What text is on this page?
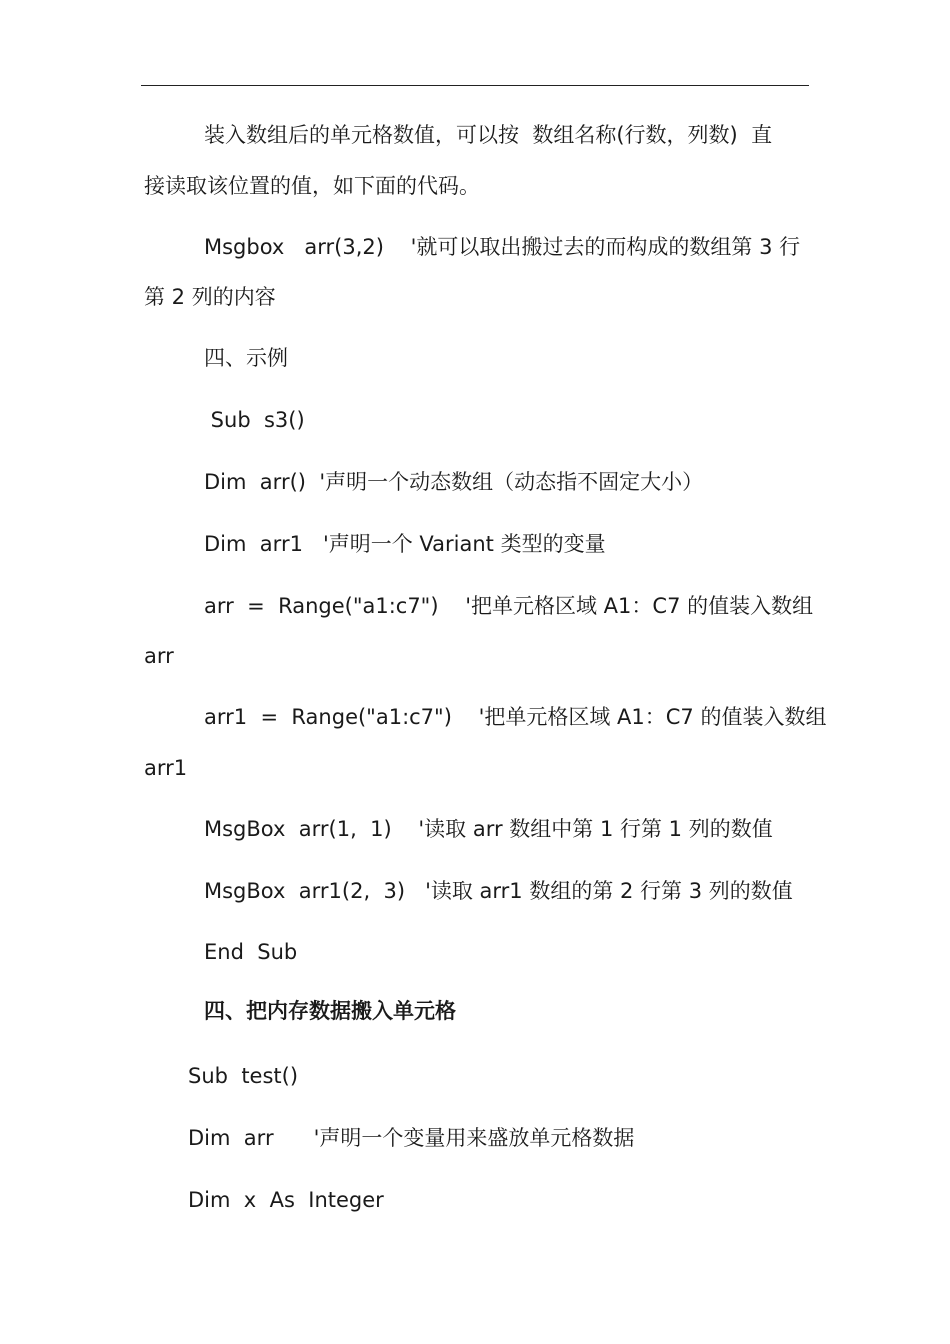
装入数组后的单元格数值，可以按  数组名称(行数，列数)  直
接读取该位置的值，如下面的代码。
Msgbox   arr(3,2)    '就可以取出搬过去的而构成的数组第 3 行
第 2 列的内容
四、示例
Sub  s3()
Dim  arr()  '声明一个动态数组（动态指不固定大小）
Dim  arr1   '声明一个 Variant 类型的变量
arr  =  Range("a1:c7")    '把单元格区域 A1：C7 的值装入数组
arr
arr1  =  Range("a1:c7")    '把单元格区域 A1：C7 的值装入数组
arr1
MsgBox  arr(1,  1)    '读取 arr 数组中第 1 行第 1 列的数值
MsgBox  arr1(2,  3)   '读取 arr1 数组的第 2 行第 3 列的数值
End  Sub
四、把内存数据搬入单元格
Sub  test()
Dim  arr      '声明一个变量用来盛放单元格数据
Dim  x  As  Integer
